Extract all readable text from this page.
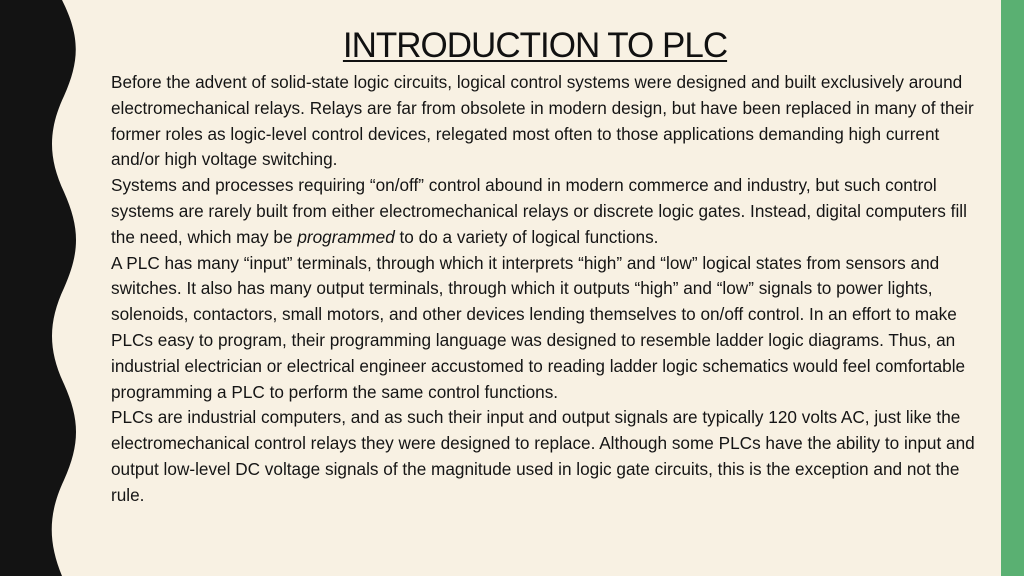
INTRODUCTION TO PLC

Before the advent of solid-state logic circuits, logical control systems were designed and built exclusively around electromechanical relays. Relays are far from obsolete in modern design, but have been replaced in many of their former roles as logic-level control devices, relegated most often to those applications demanding high current and/or high voltage switching.

Systems and processes requiring “on/off” control abound in modern commerce and industry, but such control systems are rarely built from either electromechanical relays or discrete logic gates. Instead, digital computers fill the need, which may be programmed to do a variety of logical functions.

A PLC has many “input” terminals, through which it interprets “high” and “low” logical states from sensors and switches. It also has many output terminals, through which it outputs “high” and “low” signals to power lights, solenoids, contactors, small motors, and other devices lending themselves to on/off control. In an effort to make PLCs easy to program, their programming language was designed to resemble ladder logic diagrams. Thus, an industrial electrician or electrical engineer accustomed to reading ladder logic schematics would feel comfortable programming a PLC to perform the same control functions.

PLCs are industrial computers, and as such their input and output signals are typically 120 volts AC, just like the electromechanical control relays they were designed to replace. Although some PLCs have the ability to input and output low-level DC voltage signals of the magnitude used in logic gate circuits, this is the exception and not the rule.
